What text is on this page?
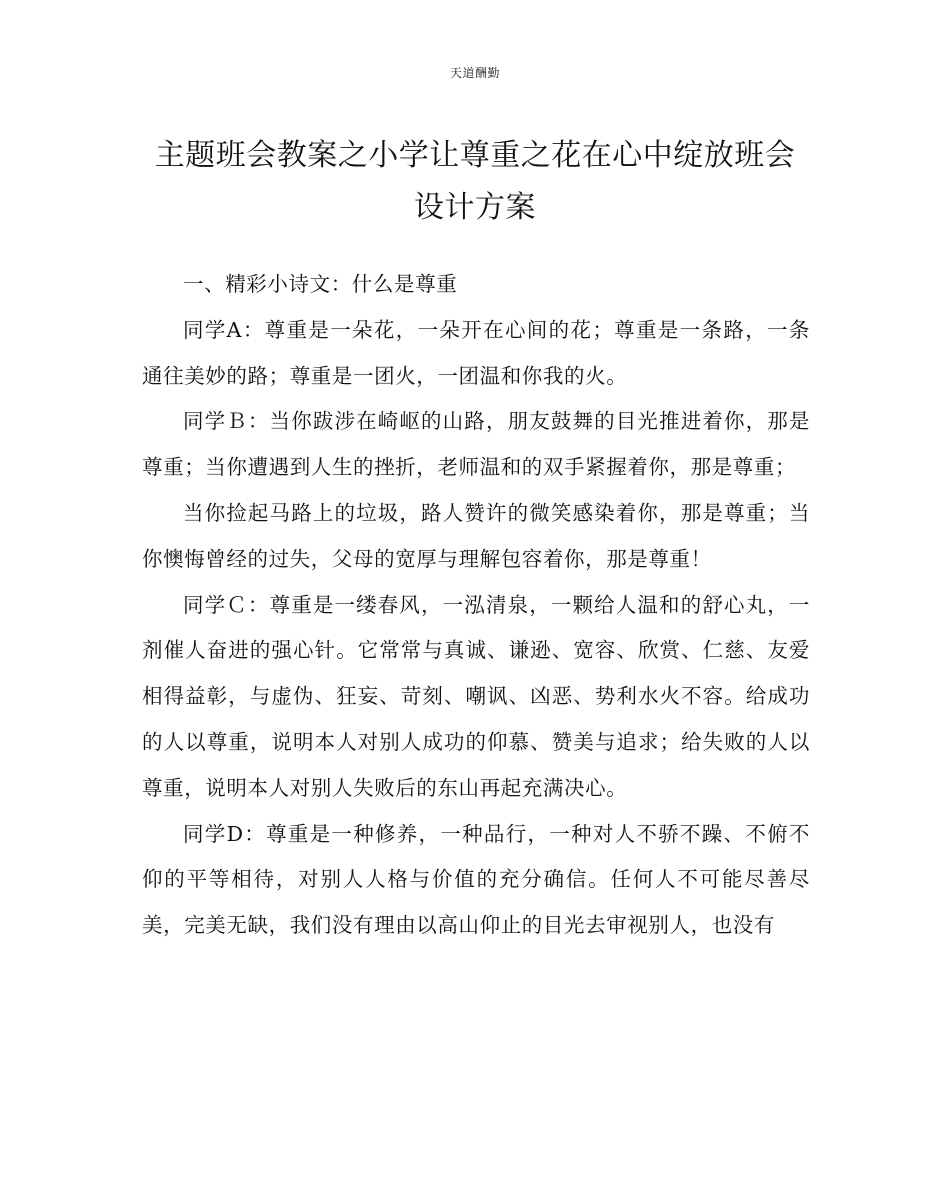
天道酬勤
主题班会教案之小学让尊重之花在心中绽放班会设计方案

一、精彩小诗文：什么是尊重

同学A：尊重是一朵花，一朵开在心间的花；尊重是一条路，一条通往美妙的路；尊重是一团火，一团温和你我的火。

同学Ｂ：当你跋涉在崎岖的山路，朋友鼓舞的目光推进着你，那是尊重；当你遭遇到人生的挫折，老师温和的双手紧握着你，那是尊重；

当你捡起马路上的垃圾，路人赞许的微笑感染着你，那是尊重；当你懊悔曾经的过失，父母的宽厚与理解包容着你，那是尊重！

同学Ｃ：尊重是一缕春风，一泓清泉，一颗给人温和的舒心丸，一剂催人奋进的强心针。它常常与真诚、谦逊、宽容、欣赏、仁慈、友爱相得益彰，与虚伪、狂妄、苛刻、嘲讽、凶恶、势利水火不容。给成功的人以尊重，说明本人对别人成功的仰慕、赞美与追求；给失败的人以尊重，说明本人对别人失败后的东山再起充满决心。

同学D：尊重是一种修养，一种品行，一种对人不骄不躁、不俯不仰的平等相待，对别人人格与价值的充分确信。任何人不可能尽善尽美，完美无缺，我们没有理由以高山仰止的目光去审视别人，也没有
